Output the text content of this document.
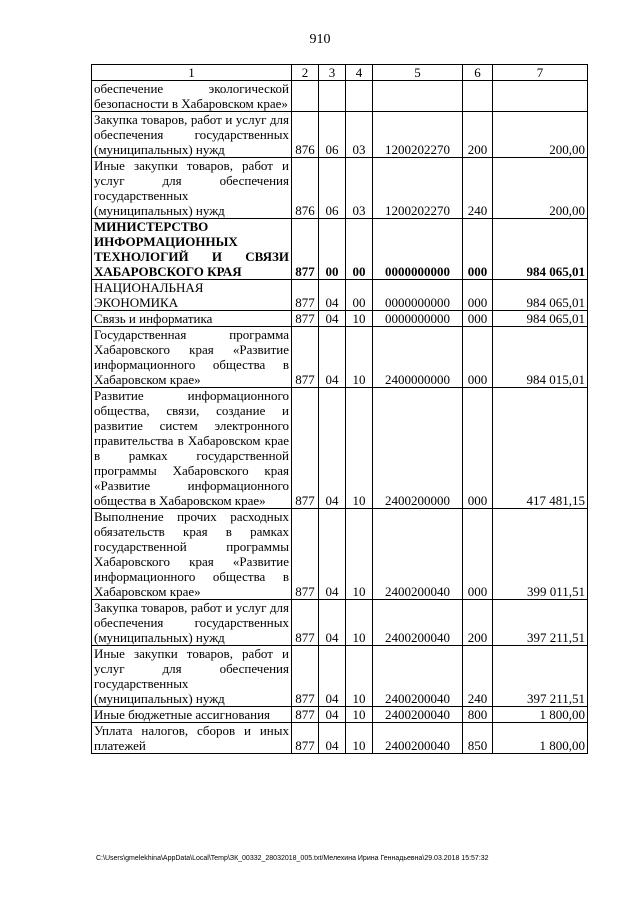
910
1	2	3	4	5	6	7
обеспечение экологической безопасности в Хабаровском крае»						
Закупка товаров, работ и услуг для обеспечения государственных (муниципальных) нужд	876	06	03	1200202270	200	200,00
Иные закупки товаров, работ и услуг для обеспечения государственных (муниципальных) нужд	876	06	03	1200202270	240	200,00
МИНИСТЕРСТВО ИНФОРМАЦИОННЫХ ТЕХНОЛОГИЙ И СВЯЗИ ХАБАРОВСКОГО КРАЯ	877	00	00	0000000000	000	984 065,01
НАЦИОНАЛЬНАЯ ЭКОНОМИКА	877	04	00	0000000000	000	984 065,01
Связь и информатика	877	04	10	0000000000	000	984 065,01
Государственная программа Хабаровского края «Развитие информационного общества в Хабаровском крае»	877	04	10	2400000000	000	984 015,01
Развитие информационного общества, связи, создание и развитие систем электронного правительства в Хабаровском крае в рамках государственной программы Хабаровского края «Развитие информационного общества в Хабаровском крае»	877	04	10	2400200000	000	417 481,15
Выполнение прочих расходных обязательств края в рамках государственной программы Хабаровского края «Развитие информационного общества в Хабаровском крае»	877	04	10	2400200040	000	399 011,51
Закупка товаров, работ и услуг для обеспечения государственных (муниципальных) нужд	877	04	10	2400200040	200	397 211,51
Иные закупки товаров, работ и услуг для обеспечения государственных (муниципальных) нужд	877	04	10	2400200040	240	397 211,51
Иные бюджетные ассигнования	877	04	10	2400200040	800	1 800,00
Уплата налогов, сборов и иных платежей	877	04	10	2400200040	850	1 800,00
C:\Users\gmelekhina\AppData\Local\Temp\ЗК_00332_28032018_005.txt/Мелехина Ирина Геннадьевна\29.03.2018 15:57:32
